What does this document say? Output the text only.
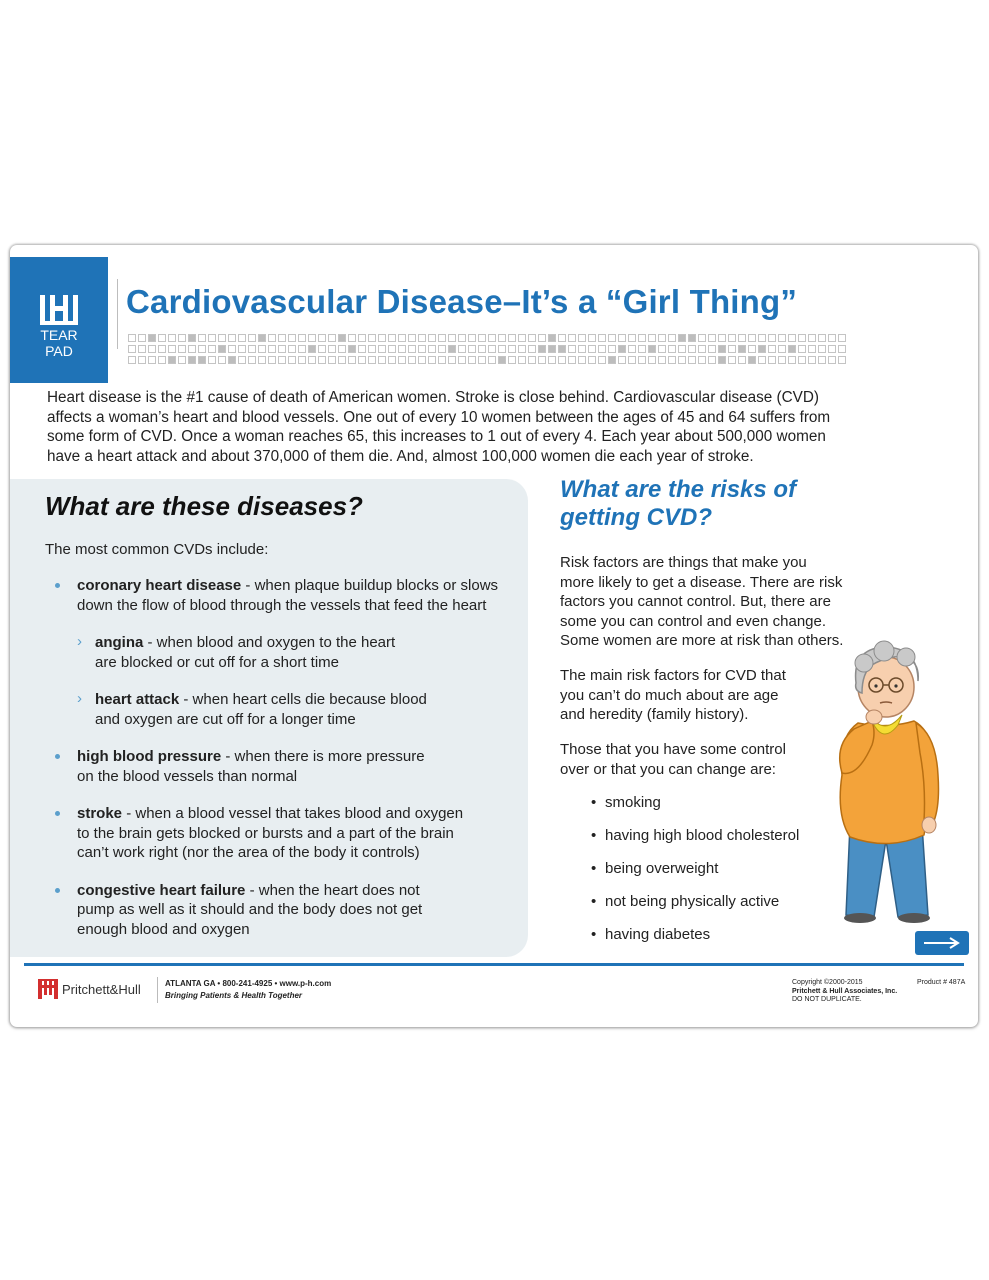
TEAR
PAD
Cardiovascular Disease–It’s a “Girl Thing”

Heart disease is the #1 cause of death of American women. Stroke is close behind. Cardiovascular disease (CVD)
affects a woman’s heart and blood vessels. One out of every 10 women between the ages of 45 and 64 suffers from
some form of CVD. Once a woman reaches 65, this increases to 1 out of every 4. Each year about 500,000 women
have a heart attack and about 370,000 of them die. And, almost 100,000 women die each year of stroke.

What are these diseases?

The most common CVDs include:

coronary heart disease - when plaque buildup blocks or slows
down the flow of blood through the vessels that feed the heart
› angina - when blood and oxygen to the heart
are blocked or cut off for a short time
› heart attack - when heart cells die because blood
and oxygen are cut off for a longer time
high blood pressure - when there is more pressure
on the blood vessels than normal
stroke - when a blood vessel that takes blood and oxygen
to the brain gets blocked or bursts and a part of the brain
can’t work right (nor the area of the body it controls)
congestive heart failure - when the heart does not
pump as well as it should and the body does not get
enough blood and oxygen
What are the risks of
getting CVD?

Risk factors are things that make you
more likely to get a disease. There are risk
factors you cannot control. But, there are
some you can control and even change.
Some women are more at risk than others.

The main risk factors for CVD that
you can’t do much about are age
and heredity (family history).

Those that you have some control
over or that you can change are:

• smoking
• having high blood cholesterol
• being overweight
• not being physically active
• having diabetes
Pritchett&Hull	ATLANTA GA • 800-241-4925 • www.p-h.com
Bringing Patients & Health Together
Copyright ©2000-2015
Pritchett & Hull Associates, Inc.
DO NOT DUPLICATE.
Product # 487A
